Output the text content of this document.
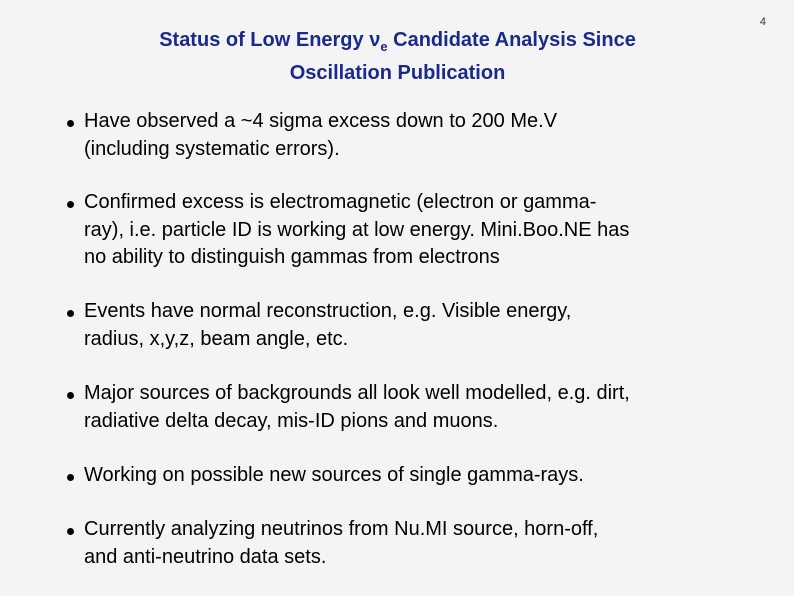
4
Status of Low Energy $\nu_e$ Candidate Analysis Since
Oscillation Publication
Have observed a ~4 sigma excess down to 200 Me.V
(including systematic errors).
Confirmed excess is electromagnetic (electron or gamma-
ray), i.e. particle ID is working at low energy. Mini.Boo.NE has
no ability to distinguish gammas from electrons
Events have normal reconstruction, e.g. Visible energy,
radius, x,y,z, beam angle, etc.
Major sources of backgrounds all look well modelled, e.g. dirt,
radiative delta decay, mis-ID pions and muons.
Working on possible new sources of single gamma-rays.
Currently analyzing neutrinos from Nu.MI source, horn-off,
and anti-neutrino data sets.
